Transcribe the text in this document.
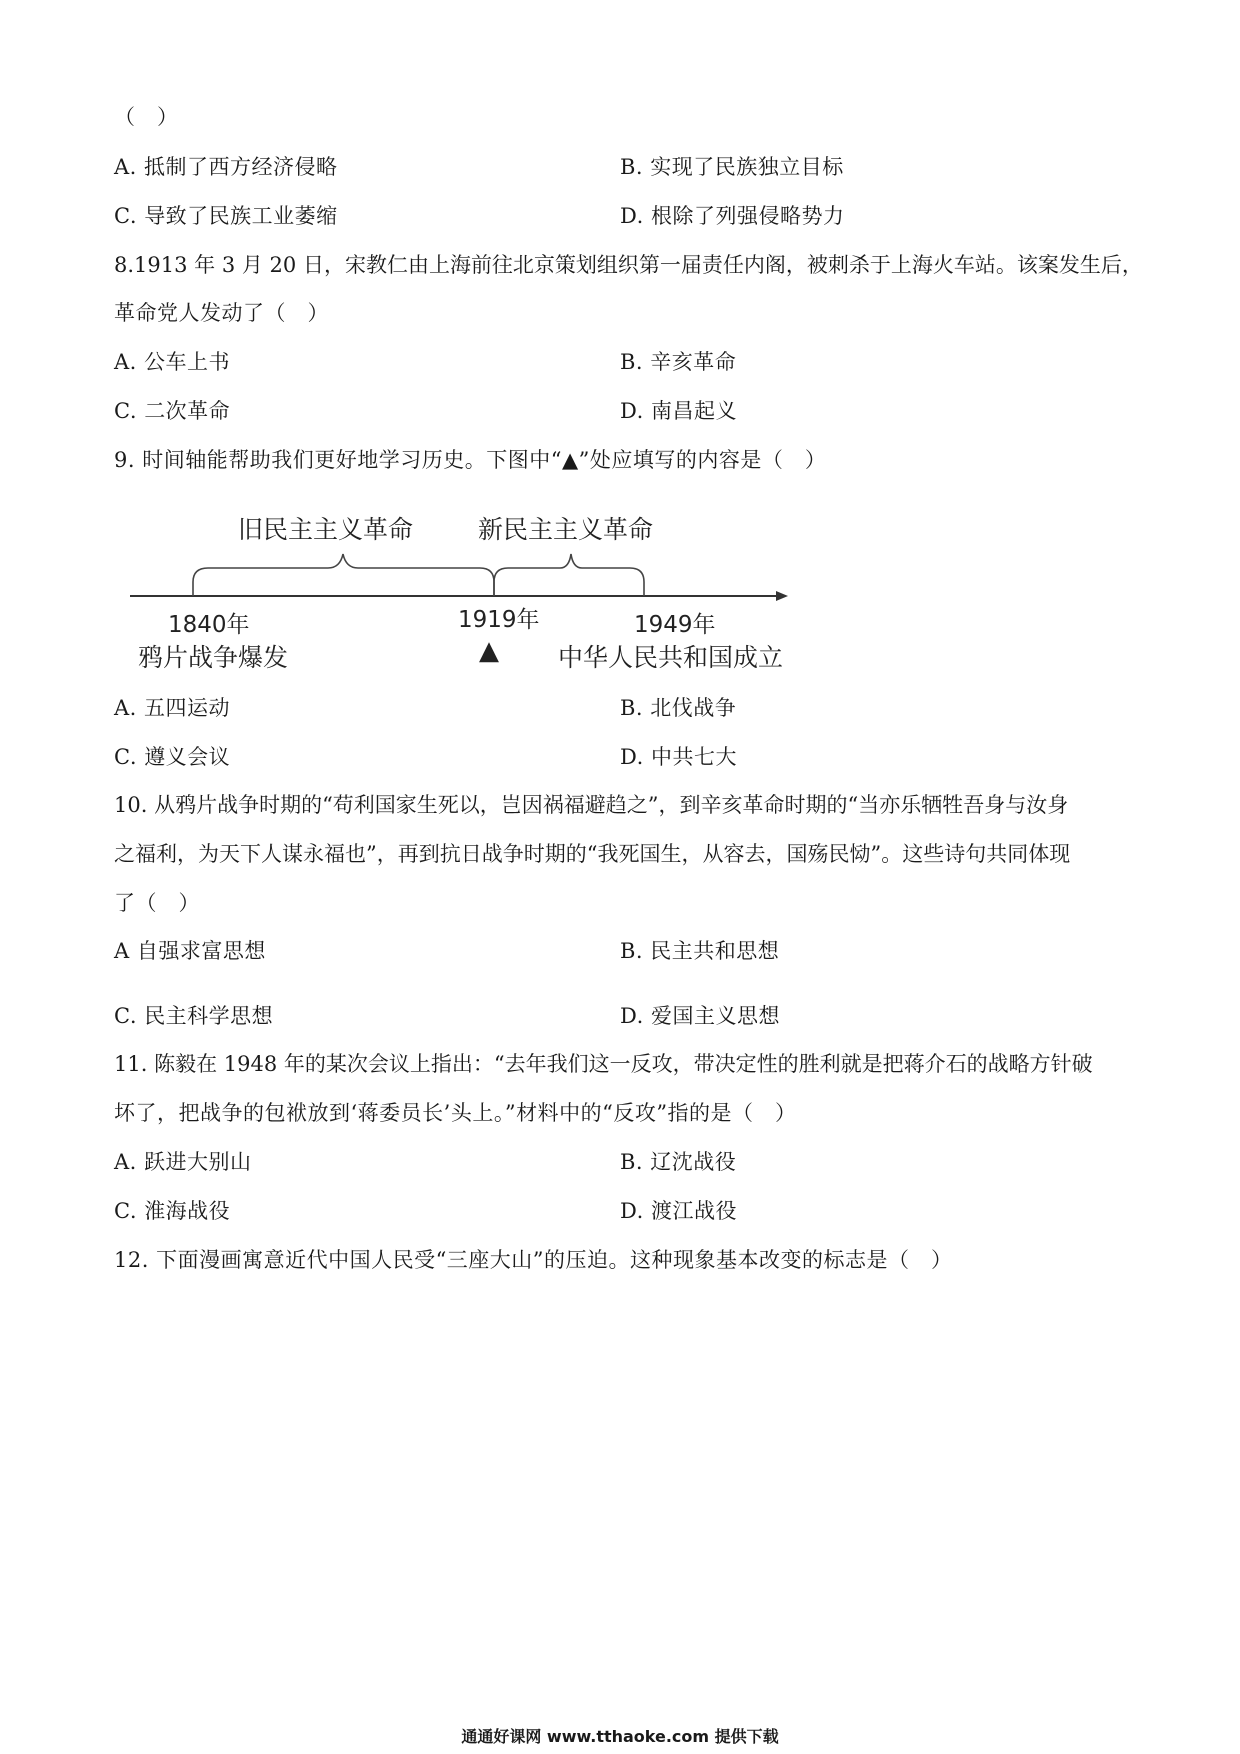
（　）
A. 抵制了西方经济侵略	B. 实现了民族独立目标
C. 导致了民族工业萎缩	D. 根除了列强侵略势力
8.1913 年 3 月 20 日，宋教仁由上海前往北京策划组织第一届责任内阁，被刺杀于上海火车站。该案发生后，
革命党人发动了（　）
A. 公车上书	B. 辛亥革命
C. 二次革命	D. 南昌起义
9. 时间轴能帮助我们更好地学习历史。下图中“▲”处应填写的内容是（　）
旧民主主义革命	新民主主义革命
1840年
鸦片战争爆发
1919年
▲
1949年
中华人民共和国成立
A. 五四运动	B. 北伐战争
C. 遵义会议	D. 中共七大
10. 从鸦片战争时期的“苟利国家生死以，岂因祸福避趋之”，到辛亥革命时期的“当亦乐牺牲吾身与汝身
之福利，为天下人谋永福也”，再到抗日战争时期的“我死国生，从容去，国殇民恸”。这些诗句共同体现
了（　）
A 自强求富思想	B. 民主共和思想
C. 民主科学思想	D. 爱国主义思想
11. 陈毅在 1948 年的某次会议上指出：“去年我们这一反攻，带决定性的胜利就是把蒋介石的战略方针破
坏了，把战争的包袱放到‘蒋委员长’头上。”材料中的“反攻”指的是（　）
A. 跃进大别山	B. 辽沈战役
C. 淮海战役	D. 渡江战役
12. 下面漫画寓意近代中国人民受“三座大山”的压迫。这种现象基本改变的标志是（　）
通通好课网 www.tthaoke.com 提供下载
